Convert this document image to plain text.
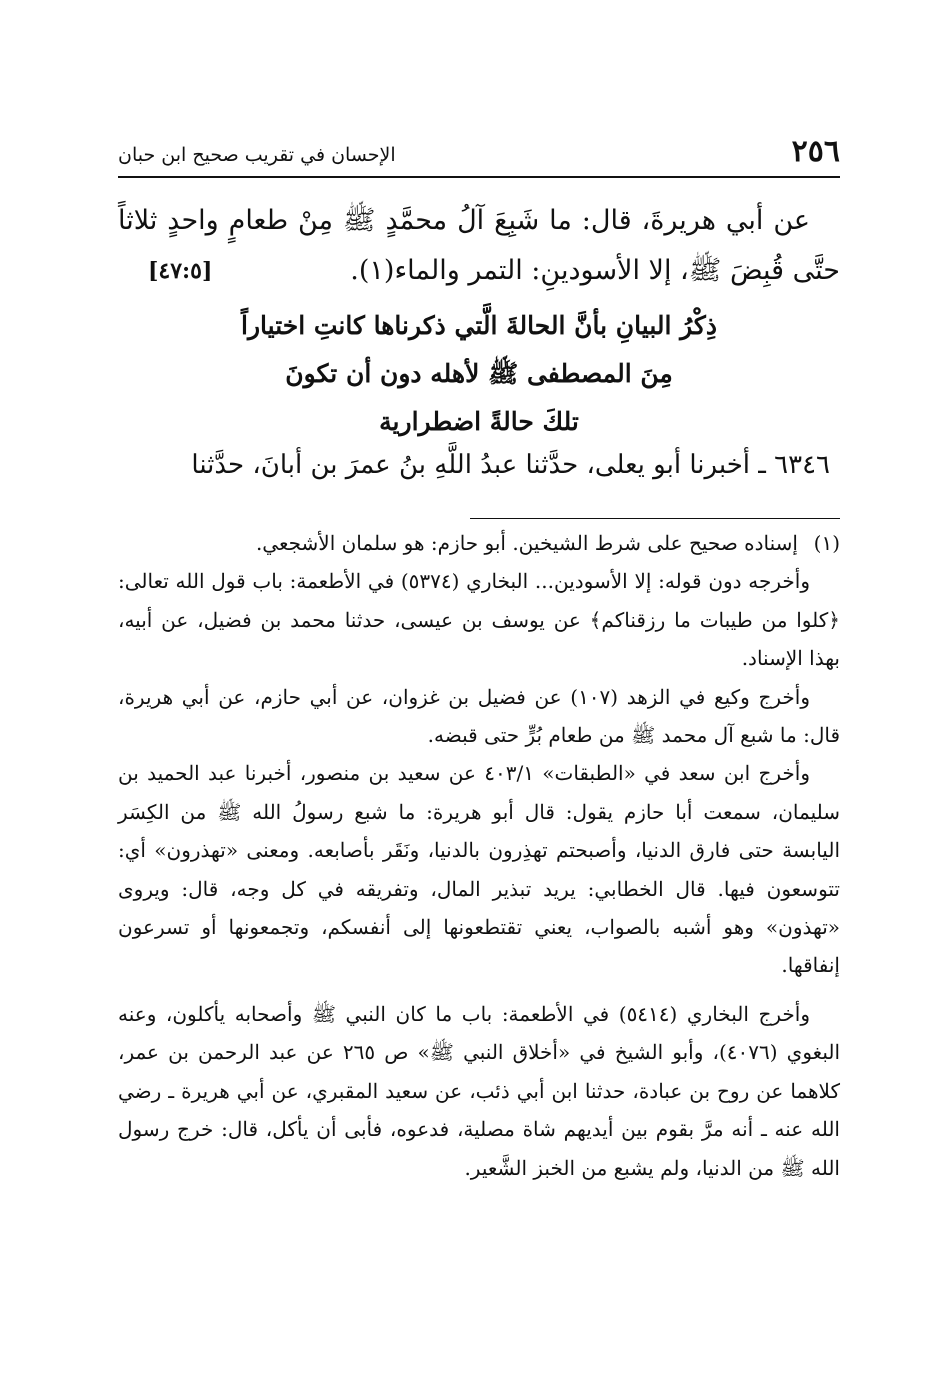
٢٥٦
الإحسان في تقريب صحيح ابن حبان

عن أبي هريرةَ، قال: ما شَبِعَ آلُ محمَّدٍ ﷺ مِنْ طعامٍ واحدٍ ثلاثاً حتَّى قُبِضَ ﷺ، إلا الأسودينِ: التمر والماء(١).
[٤٧:٥]

ذِكْرُ البيانِ بأنَّ الحالةَ الَّتي ذكرناها كانتِ اختياراً
مِنَ المصطفى ﷺ لأهله دون أن تكونَ
تلكَ حالةً اضطرارية
٦٣٤٦ ـ أخبرنا أبو يعلى، حدَّثنا عبدُ اللَّهِ بنُ عمرَ بن أبانَ، حدَّثنا
(١)

إسناده صحيح على شرط الشيخين. أبو حازم: هو سلمان الأشجعي.

وأخرجه دون قوله: إلا الأسودين... البخاري (٥٣٧٤) في الأطعمة: باب قول الله تعالى: ﴿كلوا من طيبات ما رزقناكم﴾ عن يوسف بن عيسى، حدثنا محمد بن فضيل، عن أبيه، بهذا الإسناد.

وأخرج وكيع في الزهد (١٠٧) عن فضيل بن غزوان، عن أبي حازم، عن أبي هريرة، قال: ما شبع آل محمد ﷺ من طعام بُرٍّ حتى قبضه.

وأخرج ابن سعد في «الطبقات» ٤٠٣/١ عن سعيد بن منصور، أخبرنا عبد الحميد بن سليمان، سمعت أبا حازم يقول: قال أبو هريرة: ما شبع رسولُ الله ﷺ من الكِسَر اليابسة حتى فارق الدنيا، وأصبحتم تهذِرون بالدنيا، ونَقَر بأصابعه. ومعنى «تهذرون» أي: تتوسعون فيها. قال الخطابي: يريد تبذير المال، وتفريقه في كل وجه، قال: ويروى «تهذون» وهو أشبه بالصواب، يعني تقتطعونها إلى أنفسكم، وتجمعونها أو تسرعون إنفاقها.

وأخرج البخاري (٥٤١٤) في الأطعمة: باب ما كان النبي ﷺ وأصحابه يأكلون، وعنه البغوي (٤٠٧٦)، وأبو الشيخ في «أخلاق النبي ﷺ» ص ٢٦٥ عن عبد الرحمن بن عمر، كلاهما عن روح بن عبادة، حدثنا ابن أبي ذئب، عن سعيد المقبري، عن أبي هريرة ـ رضي الله عنه ـ أنه مرَّ بقوم بين أيديهم شاة مصلية، فدعوه، فأبى أن يأكل، قال: خرج رسول الله ﷺ من الدنيا، ولم يشبع من الخبز الشَّعير.
